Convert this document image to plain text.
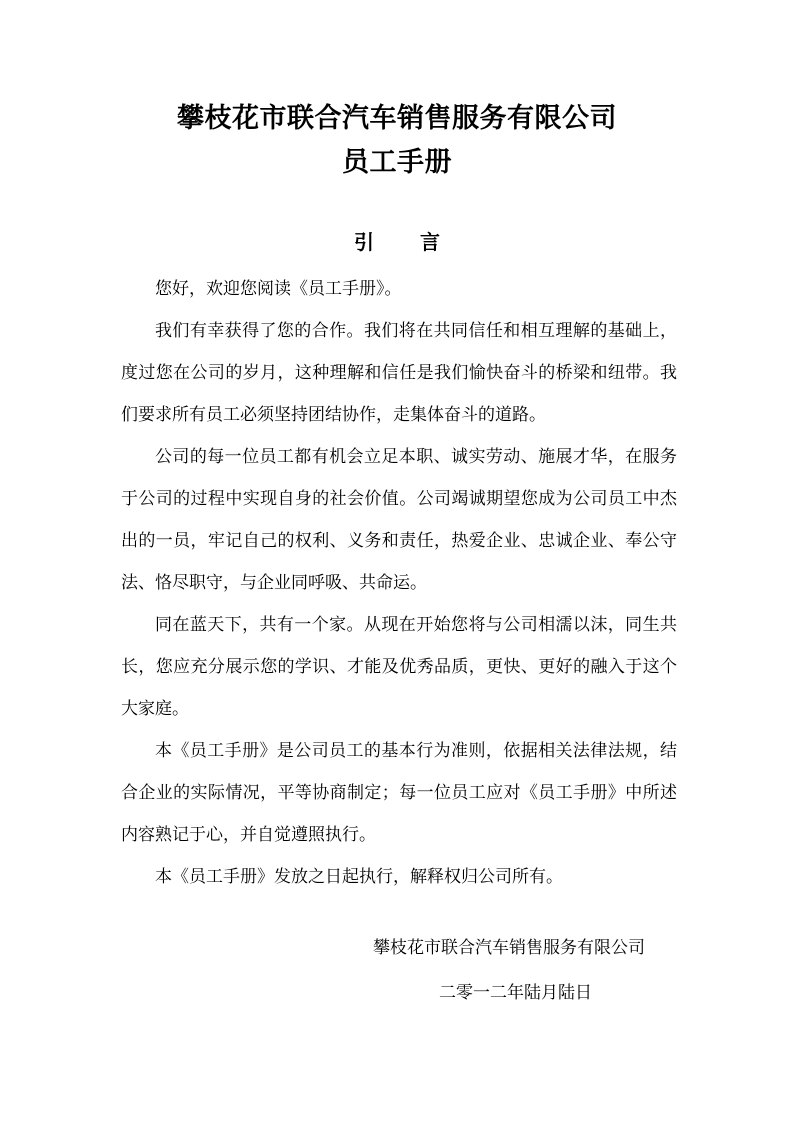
攀枝花市联合汽车销售服务有限公司
员工手册
引言

您好，欢迎您阅读《员工手册》。

我们有幸获得了您的合作。我们将在共同信任和相互理解的基础上，度过您在公司的岁月，这种理解和信任是我们愉快奋斗的桥梁和纽带。我们要求所有员工必须坚持团结协作，走集体奋斗的道路。

公司的每一位员工都有机会立足本职、诚实劳动、施展才华，在服务于公司的过程中实现自身的社会价值。公司竭诚期望您成为公司员工中杰出的一员，牢记自己的权利、义务和责任，热爱企业、忠诚企业、奉公守法、恪尽职守，与企业同呼吸、共命运。

同在蓝天下，共有一个家。从现在开始您将与公司相濡以沫，同生共长，您应充分展示您的学识、才能及优秀品质，更快、更好的融入于这个大家庭。

本《员工手册》是公司员工的基本行为准则，依据相关法律法规，结合企业的实际情况，平等协商制定；每一位员工应对《员工手册》中所述内容熟记于心，并自觉遵照执行。

本《员工手册》发放之日起执行，解释权归公司所有。

攀枝花市联合汽车销售服务有限公司
二零一二年陆月陆日
